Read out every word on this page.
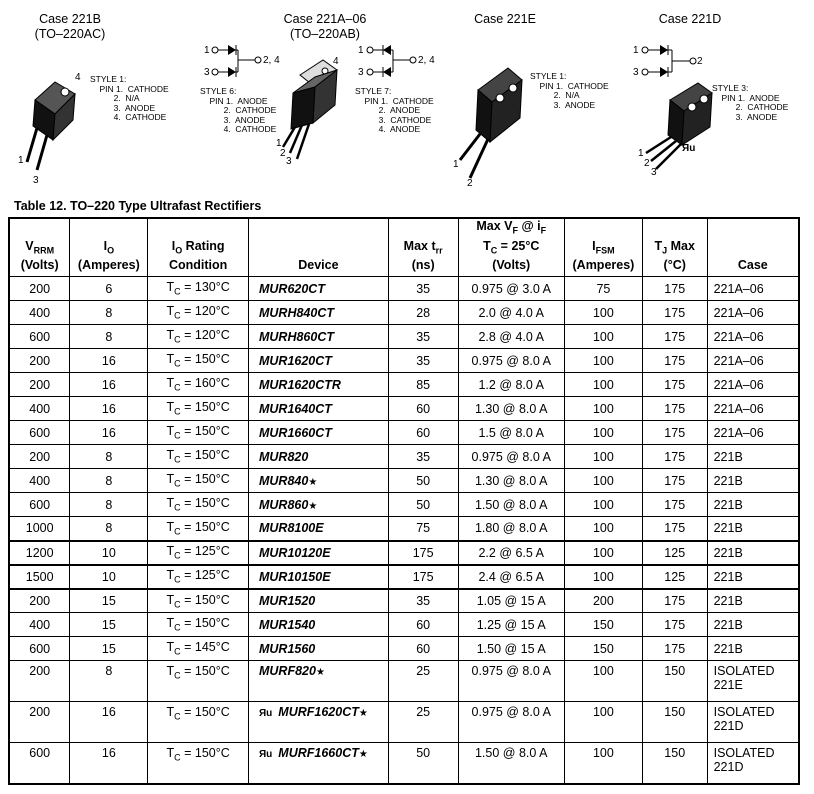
Case 221B
(TO–220AC)
Case 221A–06
(TO–220AB)
Case 221E	Case 221D
4
1
3
STYLE 1:
PIN 1.  CATHODE
2.  N/A
3.  ANODE
4.  CATHODE
1
3
2, 4
STYLE 6:
PIN 1.  ANODE
2.  CATHODE
3.  ANODE
4.  CATHODE
4
1
2
3
1
3
2, 4
STYLE 7:
PIN 1.  CATHODE
2.  ANODE
3.  CATHODE
4.  ANODE
1
2
STYLE 1:
PIN 1.  CATHODE
2.  N/A
3.  ANODE
1
3
2
STYLE 3:
PIN 1.  ANODE
2.  CATHODE
3.  ANODE
1
2
3
Яu
Table 12. TO–220 Type Ultrafast Rectifiers
$V_{RRM}$
(Volts)	$I_O$
(Amperes)	$I_O$ Rating
Condition	Device	Max $t_{rr}$
(ns)	Max $V_F$ @ $i_F$
$T_C = 25^\circ C$
(Volts)	$I_{FSM}$
(Amperes)	$T_J$ Max
(°C)	Case
200	6	$T_C = 130^\circ C$	MUR620CT	35	0.975 @ 3.0 A	75	175	221A–06
400	8	$T_C = 120^\circ C$	MURH840CT	28	2.0 @ 4.0 A	100	175	221A–06
600	8	$T_C = 120^\circ C$	MURH860CT	35	2.8 @ 4.0 A	100	175	221A–06
200	16	$T_C = 150^\circ C$	MUR1620CT	35	0.975 @ 8.0 A	100	175	221A–06
200	16	$T_C = 160^\circ C$	MUR1620CTR	85	1.2 @ 8.0 A	100	175	221A–06
400	16	$T_C = 150^\circ C$	MUR1640CT	60	1.30 @ 8.0 A	100	175	221A–06
600	16	$T_C = 150^\circ C$	MUR1660CT	60	1.5 @ 8.0 A	100	175	221A–06
200	8	$T_C = 150^\circ C$	MUR820	35	0.975 @ 8.0 A	100	175	221B
400	8	$T_C = 150^\circ C$	MUR840★	50	1.30 @ 8.0 A	100	175	221B
600	8	$T_C = 150^\circ C$	MUR860★	50	1.50 @ 8.0 A	100	175	221B
1000	8	$T_C = 150^\circ C$	MUR8100E	75	1.80 @ 8.0 A	100	175	221B
1200	10	$T_C = 125^\circ C$	MUR10120E	175	2.2 @ 6.5 A	100	125	221B
1500	10	$T_C = 125^\circ C$	MUR10150E	175	2.4 @ 6.5 A	100	125	221B
200	15	$T_C = 150^\circ C$	MUR1520	35	1.05 @ 15 A	200	175	221B
400	15	$T_C = 150^\circ C$	MUR1540	60	1.25 @ 15 A	150	175	221B
600	15	$T_C = 145^\circ C$	MUR1560	60	1.50 @ 15 A	150	175	221B
200	8	$T_C = 150^\circ C$	MURF820★	25	0.975 @ 8.0 A	100	150	ISOLATED
221E
200	16	$T_C = 150^\circ C$	Яu MURF1620CT★	25	0.975 @ 8.0 A	100	150	ISOLATED
221D
600	16	$T_C = 150^\circ C$	Яu MURF1660CT★	50	1.50 @ 8.0 A	100	150	ISOLATED
221D
